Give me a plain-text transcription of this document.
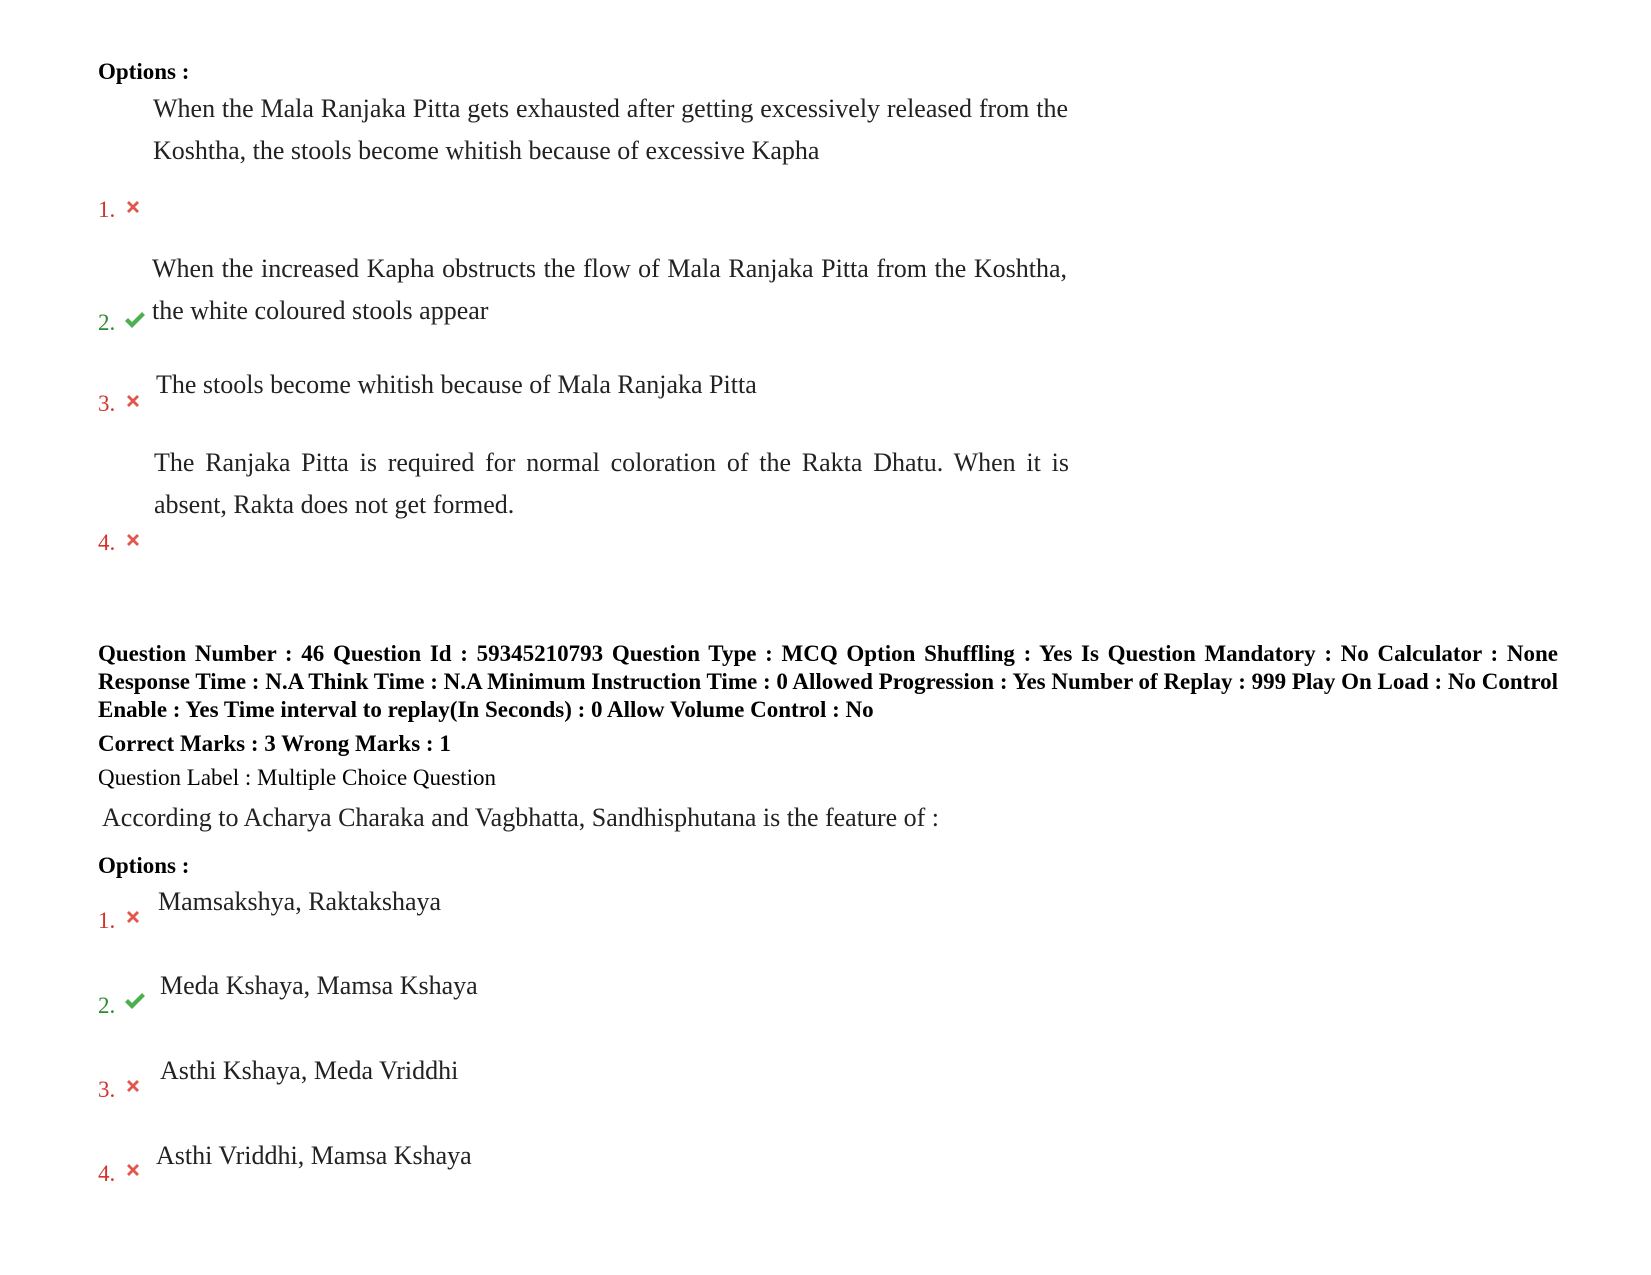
Options :
1.
When the Mala Ranjaka Pitta gets exhausted after getting excessively released from the Koshtha, the stools become whitish because of excessive Kapha
2.
When the increased Kapha obstructs the flow of Mala Ranjaka Pitta from the Koshtha, the white coloured stools appear
3.
The stools become whitish because of Mala Ranjaka Pitta
4.
The Ranjaka Pitta is required for normal coloration of the Rakta Dhatu. When it is absent, Rakta does not get formed.
Question Number : 46 Question Id : 59345210793 Question Type : MCQ Option Shuffling : Yes Is Question Mandatory : No Calculator : None Response Time : N.A Think Time : N.A Minimum Instruction Time : 0 Allowed Progression : Yes Number of Replay : 999 Play On Load : No Control Enable : Yes Time interval to replay(In Seconds) : 0 Allow Volume Control : No
Correct Marks : 3 Wrong Marks : 1
Question Label : Multiple Choice Question
According to Acharya Charaka and Vagbhatta, Sandhisphutana is the feature of :
Options :
1.
Mamsakshya, Raktakshaya
2.
Meda Kshaya, Mamsa Kshaya
3.
Asthi Kshaya, Meda Vriddhi
4.
Asthi Vriddhi, Mamsa Kshaya
